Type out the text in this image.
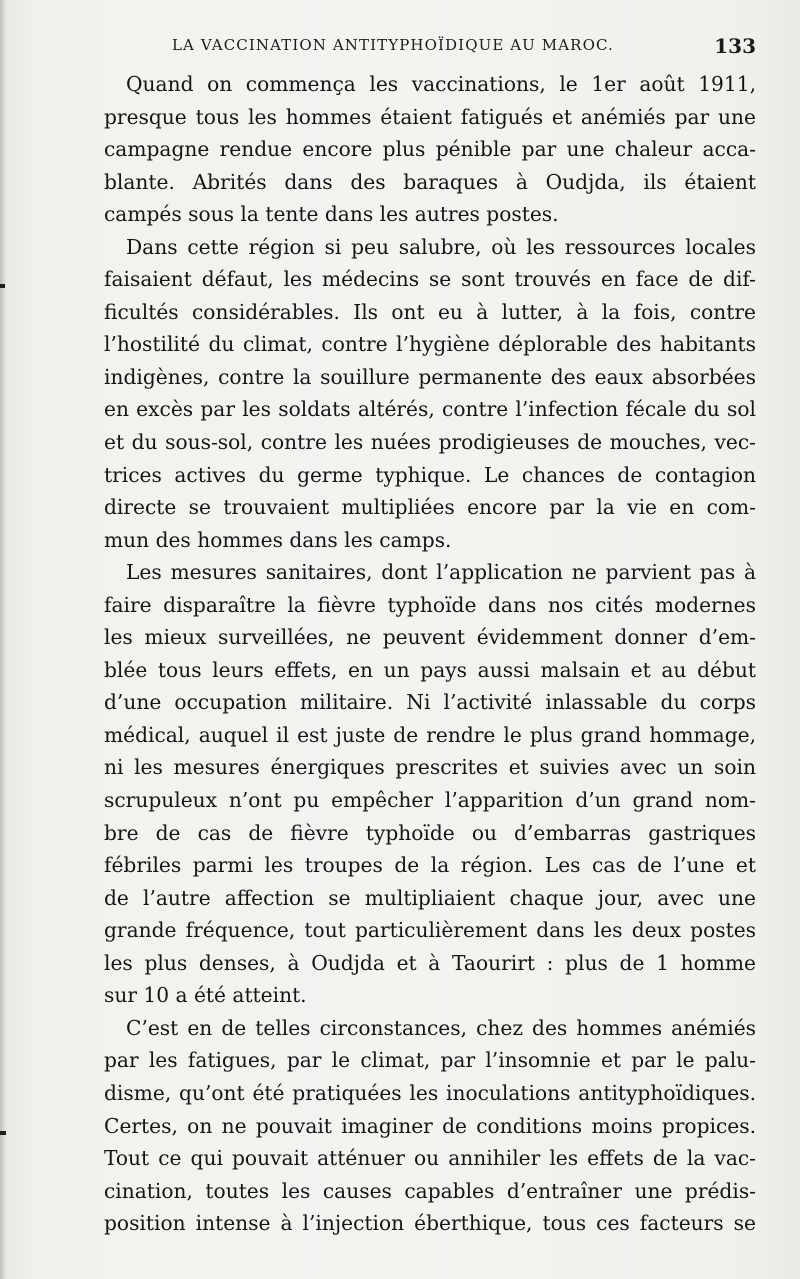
LA VACCINATION ANTITYPHOÏDIQUE AU MAROC.	133
Quand on commença les vaccinations, le 1er août 1911,
presque tous les hommes étaient fatigués et anémiés par une
campagne rendue encore plus pénible par une chaleur acca-
blante. Abrités dans des baraques à Oudjda, ils étaient
campés sous la tente dans les autres postes.
Dans cette région si peu salubre, où les ressources locales
faisaient défaut, les médecins se sont trouvés en face de dif-
ficultés considérables. Ils ont eu à lutter, à la fois, contre
l’hostilité du climat, contre l’hygiène déplorable des habitants
indigènes, contre la souillure permanente des eaux absorbées
en excès par les soldats altérés, contre l’infection fécale du sol
et du sous-sol, contre les nuées prodigieuses de mouches, vec-
trices actives du germe typhique. Le chances de contagion
directe se trouvaient multipliées encore par la vie en com-
mun des hommes dans les camps.
Les mesures sanitaires, dont l’application ne parvient pas à
faire disparaître la fièvre typhoïde dans nos cités modernes
les mieux surveillées, ne peuvent évidemment donner d’em-
blée tous leurs effets, en un pays aussi malsain et au début
d’une occupation militaire. Ni l’activité inlassable du corps
médical, auquel il est juste de rendre le plus grand hommage,
ni les mesures énergiques prescrites et suivies avec un soin
scrupuleux n’ont pu empêcher l’apparition d’un grand nom-
bre de cas de fièvre typhoïde ou d’embarras gastriques
fébriles parmi les troupes de la région. Les cas de l’une et
de l’autre affection se multipliaient chaque jour, avec une
grande fréquence, tout particulièrement dans les deux postes
les plus denses, à Oudjda et à Taourirt : plus de 1 homme
sur 10 a été atteint.
C’est en de telles circonstances, chez des hommes anémiés
par les fatigues, par le climat, par l’insomnie et par le palu-
disme, qu’ont été pratiquées les inoculations antityphoïdiques.
Certes, on ne pouvait imaginer de conditions moins propices.
Tout ce qui pouvait atténuer ou annihiler les effets de la vac-
cination, toutes les causes capables d’entraîner une prédis-
position intense à l’injection éberthique, tous ces facteurs se
